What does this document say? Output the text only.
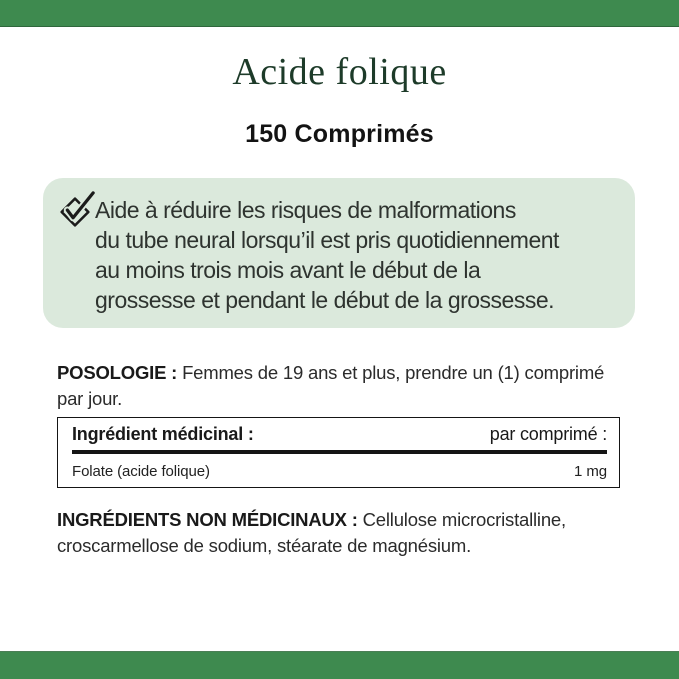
Acide folique
150 Comprimés
Aide à réduire les risques de malformations
du tube neural lorsqu’il est pris quotidiennement
au moins trois mois avant le début de la
grossesse et pendant le début de la grossesse.
POSOLOGIE : Femmes de 19 ans et plus, prendre un (1) comprimé
par jour.
Ingrédient médicinal :	par comprimé :
Folate (acide folique)	1 mg
INGRÉDIENTS NON MÉDICINAUX : Cellulose microcristalline,
croscarmellose de sodium, stéarate de magnésium.
